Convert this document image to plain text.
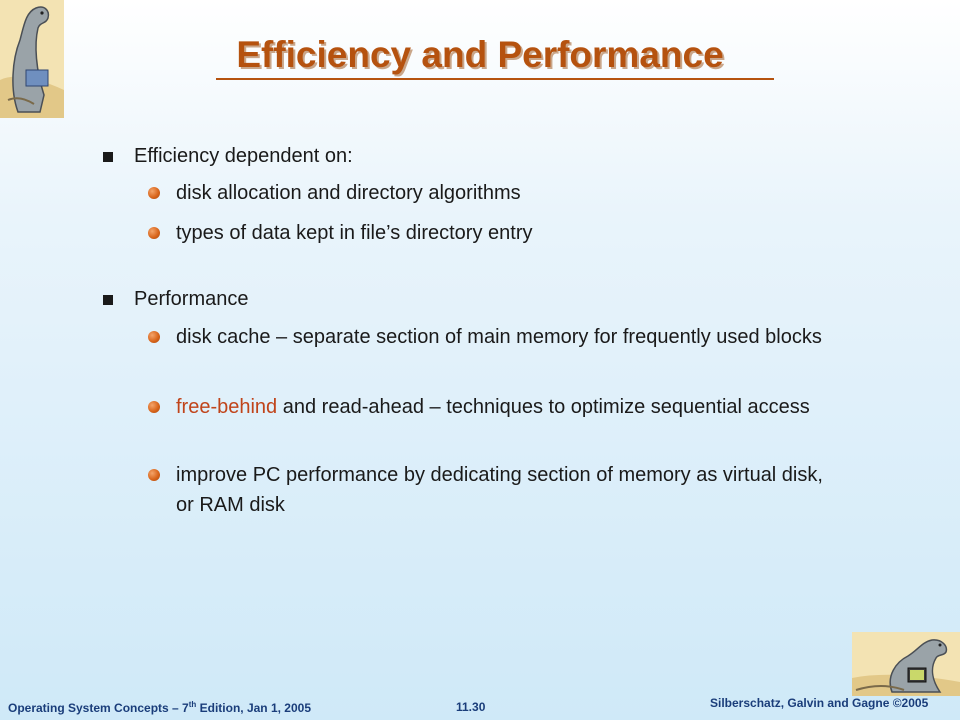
Efficiency and Performance
Efficiency dependent on:
disk allocation and directory algorithms
types of data kept in file’s directory entry
Performance
disk cache – separate section of main memory for frequently used blocks
free-behind and read-ahead – techniques to optimize sequential access
improve PC performance by dedicating section of memory as virtual disk, or RAM disk
Operating System Concepts – 7th Edition, Jan 1, 2005	11.30	Silberschatz, Galvin and Gagne ©2005
